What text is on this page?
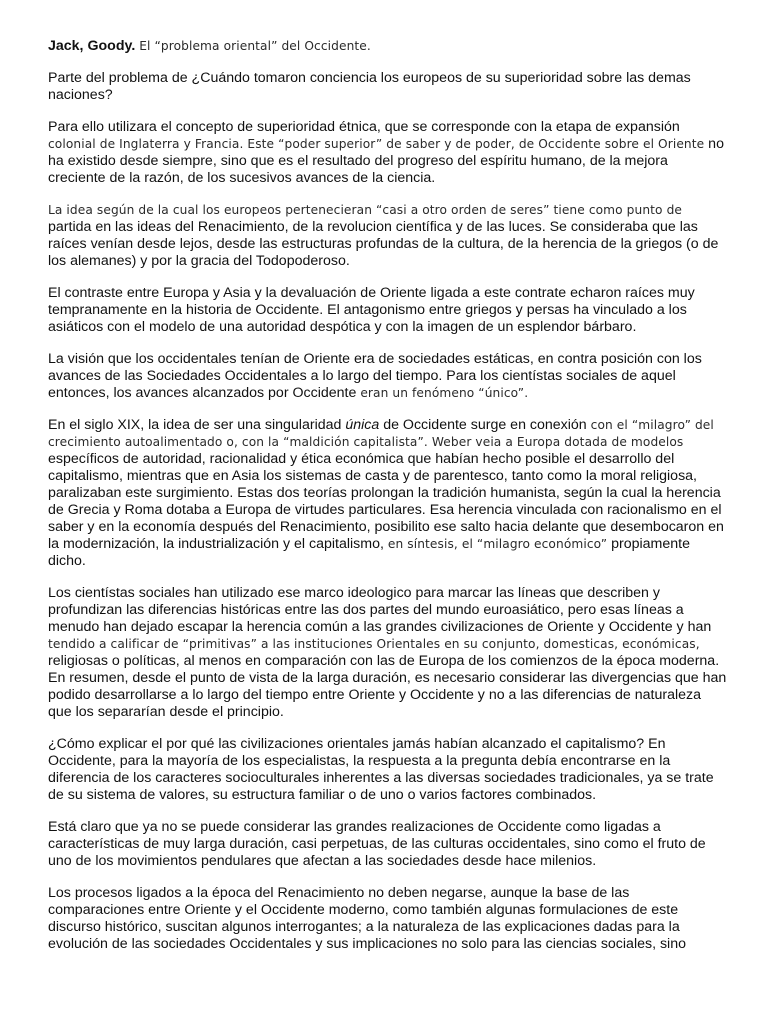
Jack, Goody. El “problema oriental” del Occidente.

Parte del problema de ¿Cuándo tomaron conciencia los europeos de su superioridad sobre las demas naciones?

Para ello utilizara el concepto de superioridad étnica, que se corresponde con la etapa de expansión colonial de Inglaterra y Francia. Este “poder superior” de saber y de poder, de Occidente sobre el Oriente no ha existido desde siempre, sino que es el resultado del progreso del espíritu humano, de la mejora creciente de la razón, de los sucesivos avances de la ciencia.

La idea según de la cual los europeos pertenecieran “casi a otro orden de seres” tiene como punto de partida en las ideas del Renacimiento, de la revolucion científica y de las luces. Se consideraba que las raíces venían desde lejos, desde las estructuras profundas de la cultura, de la herencia de la griegos (o de los alemanes) y por la gracia del Todopoderoso.

El contraste entre Europa y Asia y la devaluación de Oriente ligada a este contrate echaron raíces muy tempranamente en la historia de Occidente. El antagonismo entre griegos y persas ha vinculado a los asiáticos con el modelo de una autoridad despótica y con la imagen de un esplendor bárbaro.

La visión que los occidentales tenían de Oriente era de sociedades estáticas, en contra posición con los avances de las Sociedades Occidentales a lo largo del tiempo. Para los cientístas sociales de aquel entonces, los avances alcanzados por Occidente eran un fenómeno “único”.

En el siglo XIX, la idea de ser una singularidad única de Occidente surge en conexión con el “milagro” del crecimiento autoalimentado o, con la “maldición capitalista”. Weber veia a Europa dotada de modelos específicos de autoridad, racionalidad y ética económica que habían hecho posible el desarrollo del capitalismo, mientras que en Asia los sistemas de casta y de parentesco, tanto como la moral religiosa, paralizaban este surgimiento. Estas dos teorías prolongan la tradición humanista, según la cual la herencia de Grecia y Roma dotaba a Europa de virtudes particulares. Esa herencia vinculada con racionalismo en el saber y en la economía después del Renacimiento, posibilito ese salto hacia delante que desembocaron en la modernización, la industrialización y el capitalismo, en síntesis, el “milagro económico” propiamente dicho.

Los cientístas sociales han utilizado ese marco ideologico para marcar las líneas que describen y profundizan las diferencias históricas entre las dos partes del mundo euroasiático, pero esas líneas a menudo han dejado escapar la herencia común a las grandes civilizaciones de Oriente y Occidente y han tendido a calificar de “primitivas” a las instituciones Orientales en su conjunto, domesticas, económicas, religiosas o políticas, al menos en comparación con las de Europa de los comienzos de la época moderna. En resumen, desde el punto de vista de la larga duración, es necesario considerar las divergencias que han podido desarrollarse a lo largo del tiempo entre Oriente y Occidente y no a las diferencias de naturaleza que los separarían desde el principio.

¿Cómo explicar el por qué las civilizaciones orientales jamás habían alcanzado el capitalismo? En Occidente, para la mayoría de los especialistas, la respuesta a la pregunta debía encontrarse en la diferencia de los caracteres socioculturales inherentes a las diversas sociedades tradicionales, ya se trate de su sistema de valores, su estructura familiar o de uno o varios factores combinados.

Está claro que ya no se puede considerar las grandes realizaciones de Occidente como ligadas a características de muy larga duración, casi perpetuas, de las culturas occidentales, sino como el fruto de uno de los movimientos pendulares que afectan a las sociedades desde hace milenios.

Los procesos ligados a la época del Renacimiento no deben negarse, aunque la base de las comparaciones entre Oriente y el Occidente moderno, como también algunas formulaciones de este discurso histórico, suscitan algunos interrogantes; a la naturaleza de las explicaciones dadas para la evolución de las sociedades Occidentales y sus implicaciones no solo para las ciencias sociales, sino
